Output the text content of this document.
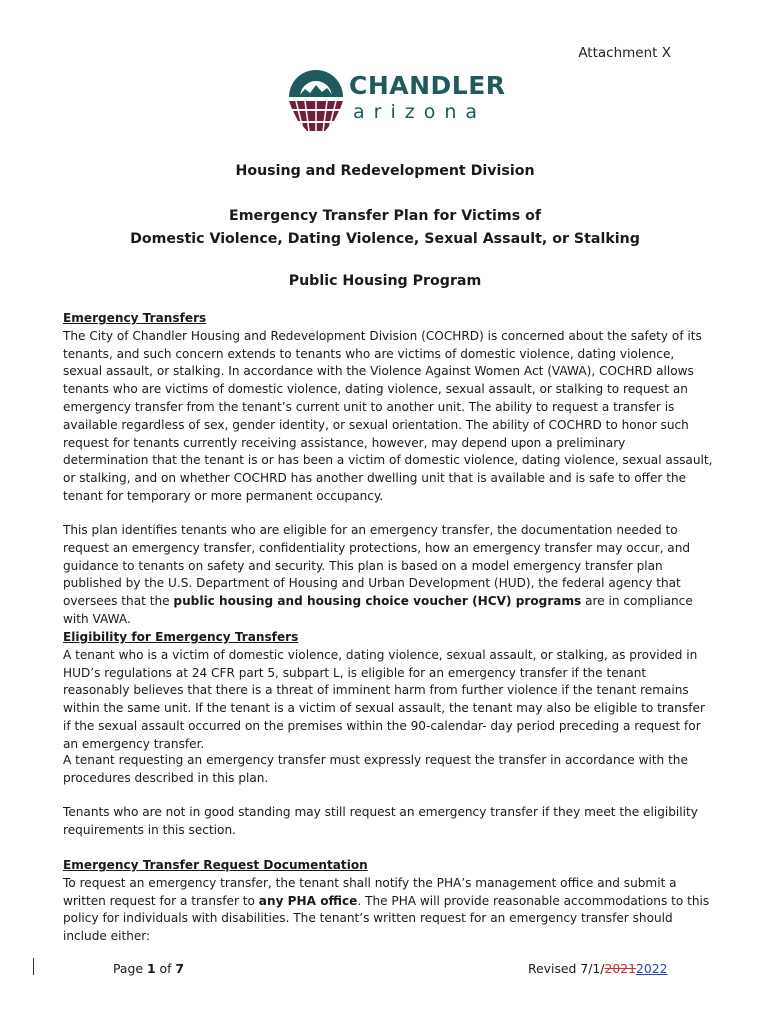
Attachment X
CHANDLER
arizona
Housing and Redevelopment Division
Emergency Transfer Plan for Victims of
Domestic Violence, Dating Violence, Sexual Assault, or Stalking
Public Housing Program

Emergency Transfers

The City of Chandler Housing and Redevelopment Division (COCHRD) is concerned about the safety of its tenants, and such concern extends to tenants who are victims of domestic violence, dating violence, sexual assault, or stalking. In accordance with the Violence Against Women Act (VAWA), COCHRD allows tenants who are victims of domestic violence, dating violence, sexual assault, or stalking to request an emergency transfer from the tenant’s current unit to another unit. The ability to request a transfer is available regardless of sex, gender identity, or sexual orientation. The ability of COCHRD to honor such request for tenants currently receiving assistance, however, may depend upon a preliminary determination that the tenant is or has been a victim of domestic violence, dating violence, sexual assault, or stalking, and on whether COCHRD has another dwelling unit that is available and is safe to offer the tenant for temporary or more permanent occupancy.

This plan identifies tenants who are eligible for an emergency transfer, the documentation needed to request an emergency transfer, confidentiality protections, how an emergency transfer may occur, and guidance to tenants on safety and security. This plan is based on a model emergency transfer plan published by the U.S. Department of Housing and Urban Development (HUD), the federal agency that oversees that the public housing and housing choice voucher (HCV) programs are in compliance with VAWA.

Eligibility for Emergency Transfers

A tenant who is a victim of domestic violence, dating violence, sexual assault, or stalking, as provided in HUD’s regulations at 24 CFR part 5, subpart L, is eligible for an emergency transfer if the tenant reasonably believes that there is a threat of imminent harm from further violence if the tenant remains within the same unit. If the tenant is a victim of sexual assault, the tenant may also be eligible to transfer if the sexual assault occurred on the premises within the 90-calendar- day period preceding a request for an emergency transfer.

A tenant requesting an emergency transfer must expressly request the transfer in accordance with the procedures described in this plan.

Tenants who are not in good standing may still request an emergency transfer if they meet the eligibility requirements in this section.

Emergency Transfer Request Documentation

To request an emergency transfer, the tenant shall notify the PHA’s management office and submit a written request for a transfer to any PHA office. The PHA will provide reasonable accommodations to this policy for individuals with disabilities. The tenant’s written request for an emergency transfer should include either:

Page 1 of 7	Revised 7/1/20212022
